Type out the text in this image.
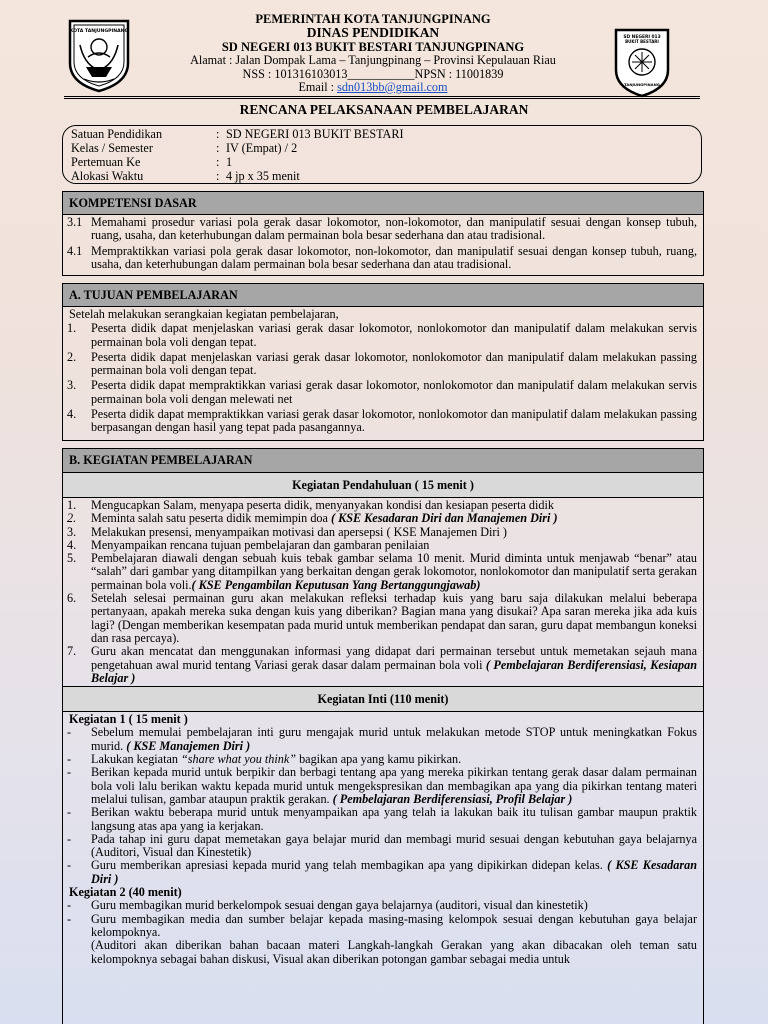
KOTA TANJUNGPINANG
PEMERINTAH KOTA TANJUNGPINANG
DINAS PENDIDIKAN
SD NEGERI 013 BUKIT BESTARI TANJUNGPINANG
Alamat : Jalan Dompak Lama – Tanjungpinang – Provinsi Kepulauan Riau
NSS : 101316103013___________NPSN : 11001839
Email : sdn013bb@gmail.com
SD NEGERI 013
BUKIT BESTARI
TANJUNGPINANG
RENCANA PELAKSANAAN PEMBELAJARAN
Satuan Pendidikan	: SD NEGERI 013 BUKIT BESTARI
Kelas / Semester	: IV (Empat) / 2
Pertemuan Ke	: 1
Alokasi Waktu	: 4 jp x 35 menit
KOMPETENSI DASAR
3.1 Memahami prosedur variasi pola gerak dasar lokomotor, non-lokomotor, dan manipulatif sesuai dengan konsep tubuh, ruang, usaha, dan keterhubungan dalam permainan bola besar sederhana dan atau tradisional.
4.1 Mempraktikkan variasi pola gerak dasar lokomotor, non-lokomotor, dan manipulatif sesuai dengan konsep tubuh, ruang, usaha, dan keterhubungan dalam permainan bola besar sederhana dan atau tradisional.
A. TUJUAN PEMBELAJARAN
Setelah melakukan serangkaian kegiatan pembelajaran,
1.	Peserta didik dapat menjelaskan variasi gerak dasar lokomotor, nonlokomotor dan manipulatif dalam melakukan servis permainan bola voli dengan tepat.
2.	Peserta didik dapat menjelaskan variasi gerak dasar lokomotor, nonlokomotor dan manipulatif dalam melakukan passing permainan bola voli dengan tepat.
3.	Peserta didik dapat mempraktikkan variasi gerak dasar lokomotor, nonlokomotor dan manipulatif dalam melakukan servis permainan bola voli dengan melewati net
4.	Peserta didik dapat mempraktikkan variasi gerak dasar lokomotor, nonlokomotor dan manipulatif dalam melakukan passing berpasangan dengan hasil yang tepat pada pasangannya.
B. KEGIATAN PEMBELAJARAN
Kegiatan Pendahuluan ( 15 menit )
1.	Mengucapkan Salam, menyapa peserta didik, menyanyakan kondisi dan kesiapan peserta didik
2.	Meminta salah satu peserta didik memimpin doa ( KSE Kesadaran Diri dan Manajemen Diri )
3.	Melakukan presensi, menyampaikan motivasi dan apersepsi ( KSE Manajemen Diri )
4.	Menyampaikan rencana tujuan pembelajaran dan gambaran penilaian
5.	Pembelajaran diawali dengan sebuah kuis tebak gambar selama 10 menit. Murid diminta untuk menjawab “benar” atau “salah” dari gambar yang ditampilkan yang berkaitan dengan gerak lokomotor, nonlokomotor dan manipulatif serta gerakan permainan bola voli.( KSE Pengambilan Keputusan Yang Bertanggungjawab)
6.	Setelah selesai permainan guru akan melakukan refleksi terhadap kuis yang baru saja dilakukan melalui beberapa pertanyaan, apakah mereka suka dengan kuis yang diberikan? Bagian mana yang disukai? Apa saran mereka jika ada kuis lagi? (Dengan memberikan kesempatan pada murid untuk memberikan pendapat dan saran, guru dapat membangun koneksi dan rasa percaya).
7.	Guru akan mencatat dan menggunakan informasi yang didapat dari permainan tersebut untuk memetakan sejauh mana pengetahuan awal murid tentang Variasi gerak dasar dalam permainan bola voli ( Pembelajaran Berdiferensiasi, Kesiapan Belajar )
Kegiatan Inti (110 menit)
Kegiatan 1 ( 15 menit )
-	Sebelum memulai pembelajaran inti guru mengajak murid untuk melakukan metode STOP untuk meningkatkan Fokus murid. ( KSE Manajemen Diri )
-	Lakukan kegiatan “share what you think” bagikan apa yang kamu pikirkan.
-	Berikan kepada murid untuk berpikir dan berbagi tentang apa yang mereka pikirkan tentang gerak dasar dalam permainan bola voli lalu berikan waktu kepada murid untuk mengekspresikan dan membagikan apa yang dia pikirkan tentang materi melalui tulisan, gambar ataupun praktik gerakan. ( Pembelajaran Berdiferensiasi, Profil Belajar )
-	Berikan waktu beberapa murid untuk menyampaikan apa yang telah ia lakukan baik itu tulisan gambar maupun praktik langsung atas apa yang ia kerjakan.
-	Pada tahap ini guru dapat memetakan gaya belajar murid dan membagi murid sesuai dengan kebutuhan gaya belajarnya (Auditori, Visual dan Kinestetik)
-	Guru memberikan apresiasi kepada murid yang telah membagikan apa yang dipikirkan didepan kelas. ( KSE Kesadaran Diri )
Kegiatan 2 (40 menit)
-	Guru membagikan murid berkelompok sesuai dengan gaya belajarnya (auditori, visual dan kinestetik)
-	Guru membagikan media dan sumber belajar kepada masing-masing kelompok sesuai dengan kebutuhan gaya belajar kelompoknya.
(Auditori akan diberikan bahan bacaan materi Langkah-langkah Gerakan yang akan dibacakan oleh teman satu kelompoknya sebagai bahan diskusi, Visual akan diberikan potongan gambar sebagai media untuk
